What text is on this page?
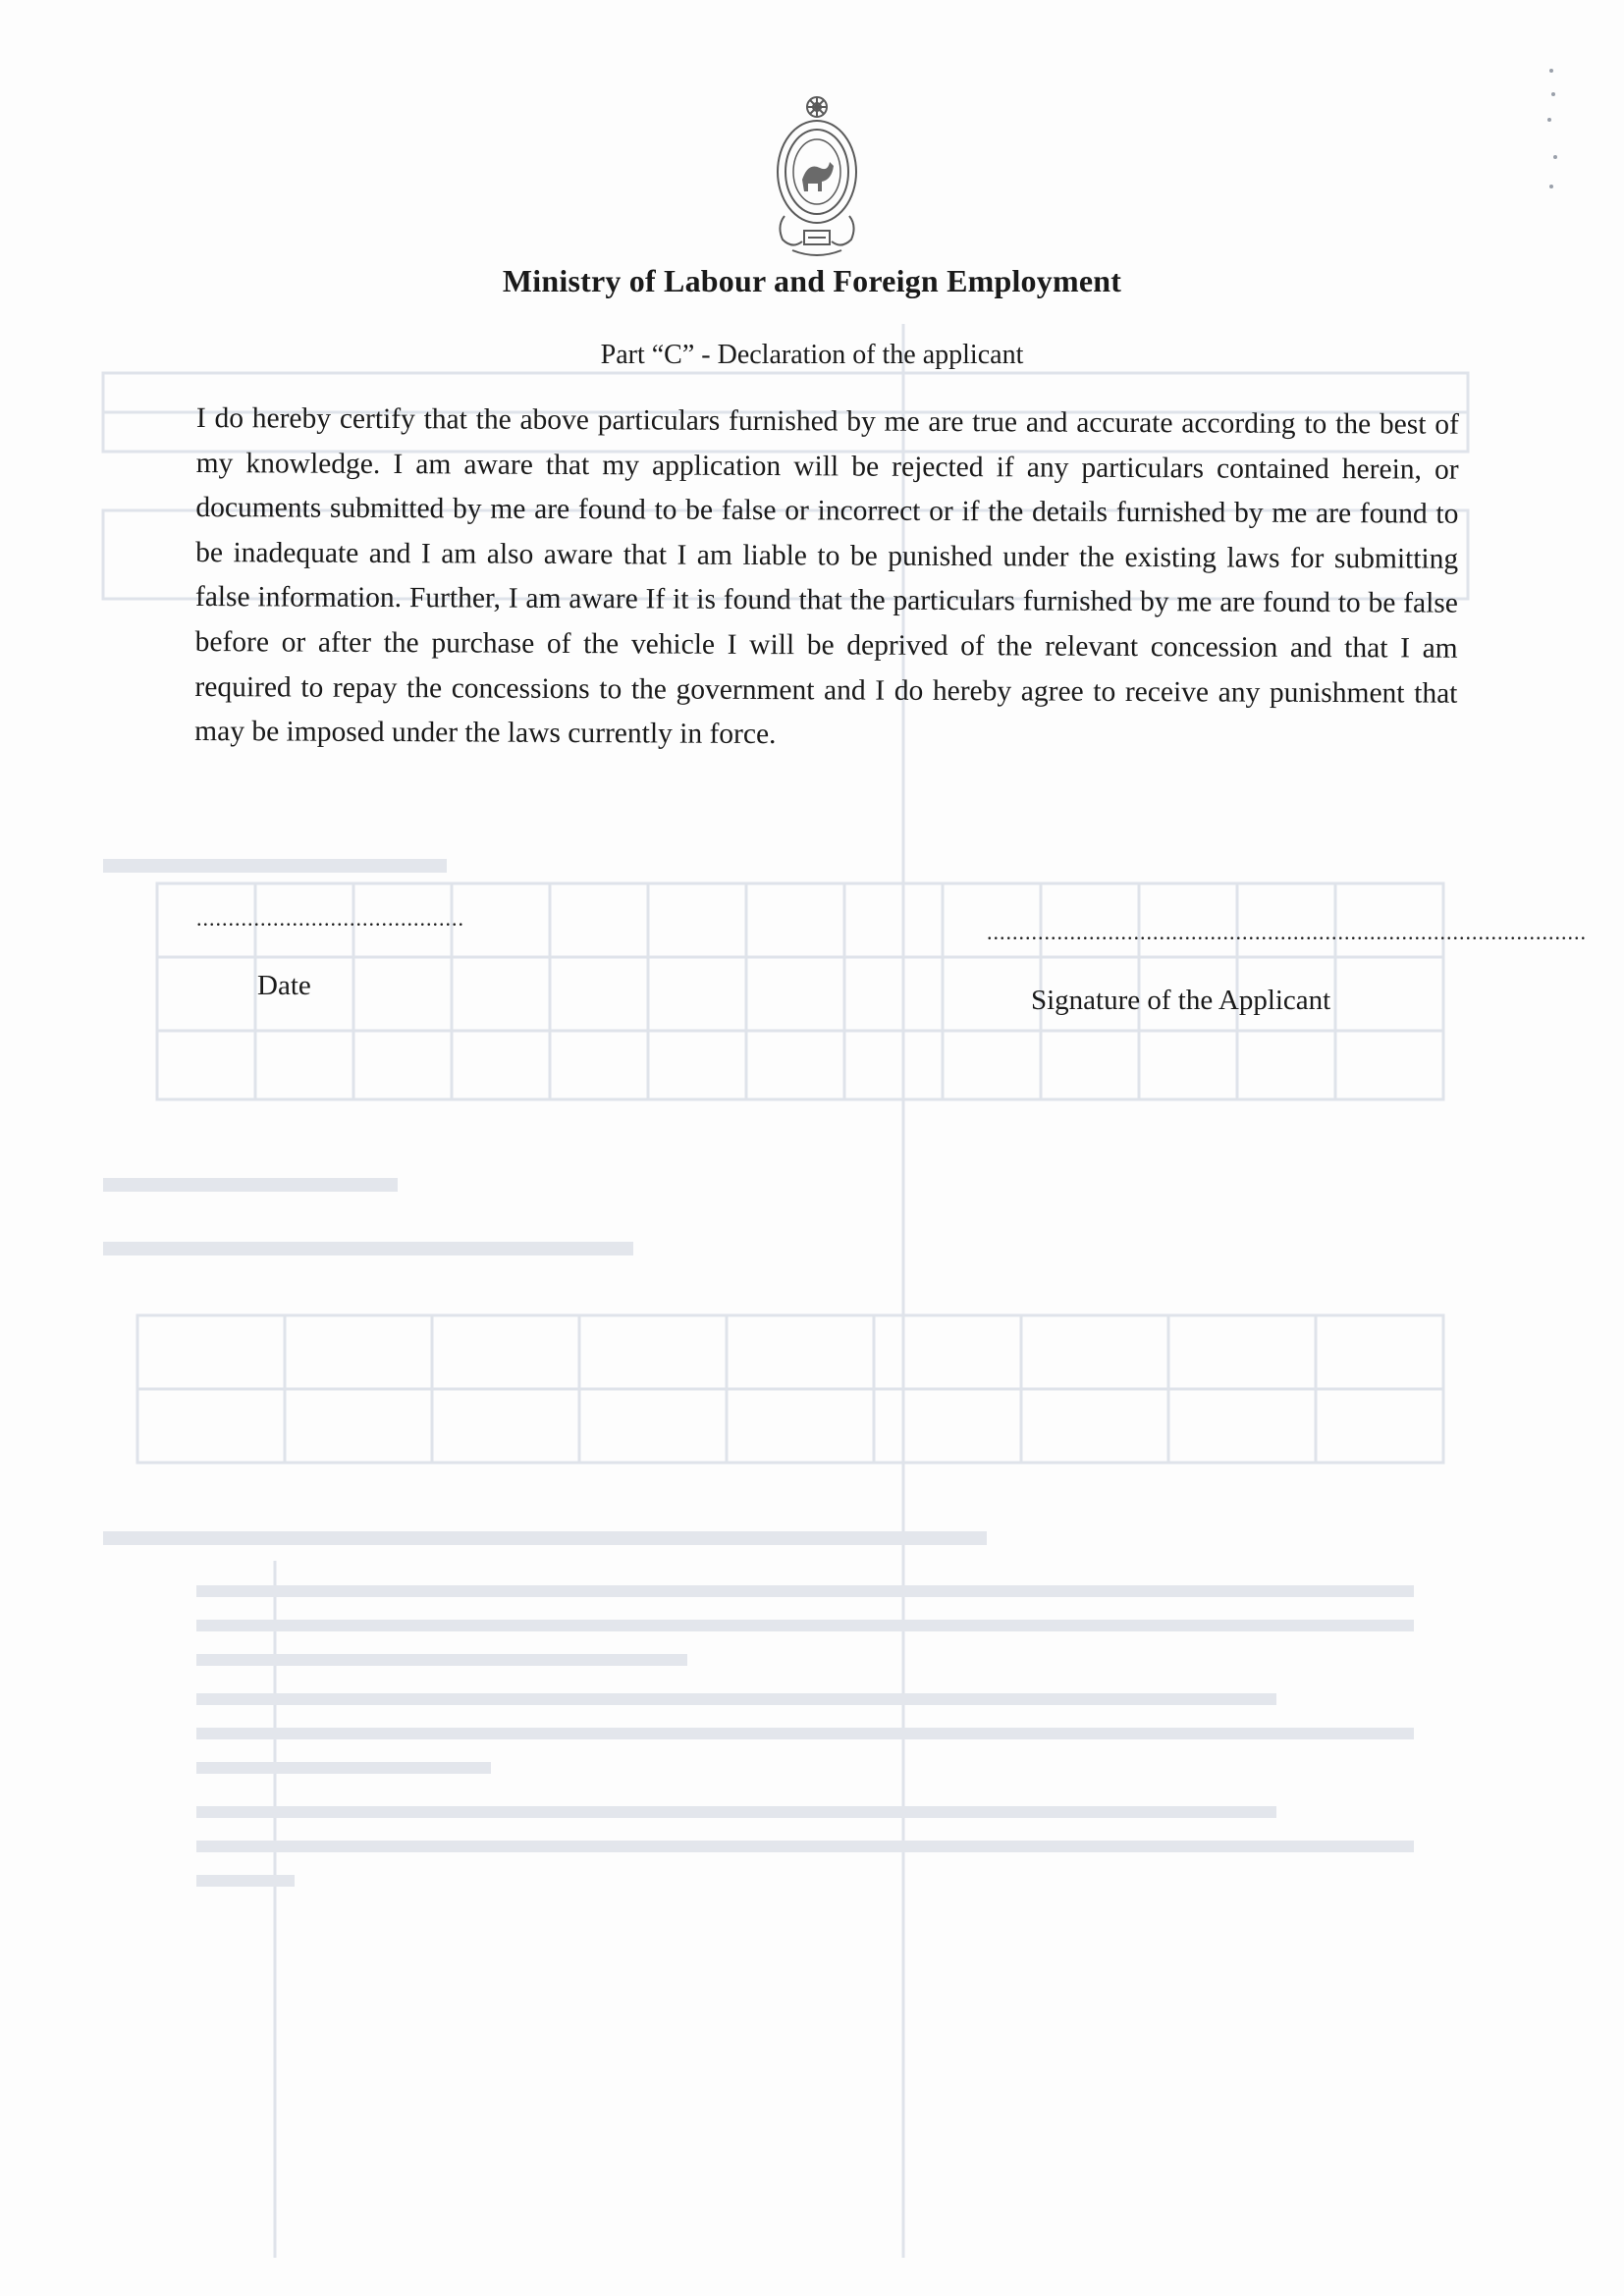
Ministry of Labour and Foreign Employment
Part “C” - Declaration of the applicant
I do hereby certify that the above particulars furnished by me are true and accurate according to the best of my knowledge. I am aware that my application will be rejected if any particulars contained herein, or documents submitted by me are found to be false or incorrect or if the details furnished by me are found to be inadequate and I am also aware that I am liable to be punished under the existing laws for submitting false information. Further, I am aware If it is found that the particulars furnished by me are found to be false before or after the purchase of the vehicle I will be deprived of the relevant concession and that I am required to repay the concessions to the government and I do hereby agree to receive any punishment that may be imposed under the laws currently in force.
..........................................
..............................................................................................
Date	Signature of the Applicant
